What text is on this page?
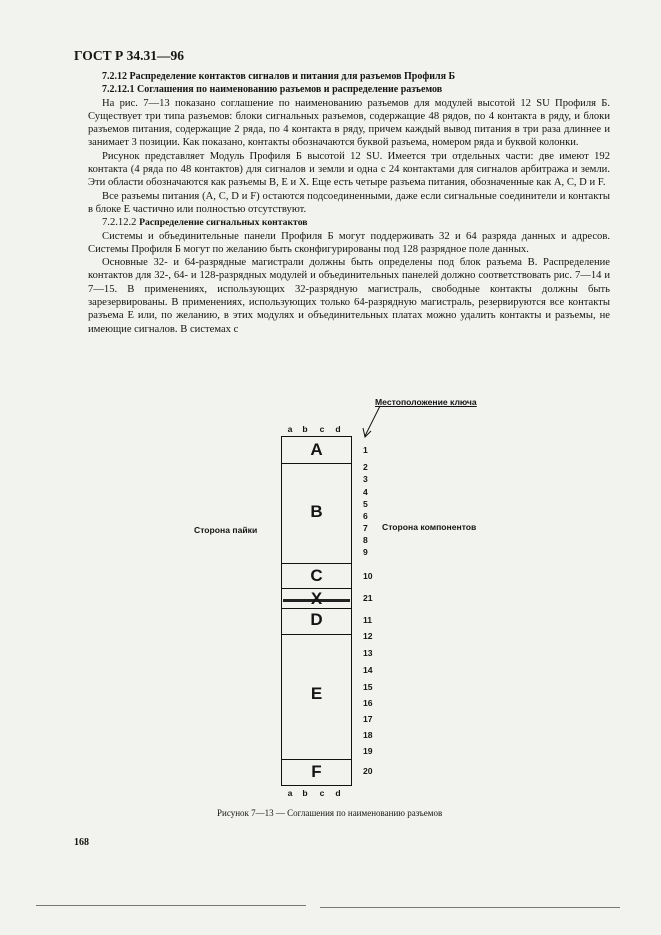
ГОСТ Р 34.31—96

7.2.12 Распределение контактов сигналов и питания для разъемов Профиля Б

7.2.12.1 Соглашения по наименованию разъемов и распределение разъемов

На рис. 7—13 показано соглашение по наименованию разъемов для модулей высотой 12 SU Профиля Б. Существует три типа разъемов: блоки сигнальных разъемов, содержащие 48 рядов, по 4 контакта в ряду, и блоки разъемов питания, содержащие 2 ряда, по 4 контакта в ряду, причем каждый вывод питания в три раза длиннее и занимает 3 позиции. Как показано, контакты обозначаются буквой разъема, номером ряда и буквой колонки.

Рисунок представляет Модуль Профиля Б высотой 12 SU. Имеется три отдельных части: две имеют 192 контакта (4 ряда по 48 контактов) для сигналов и земли и одна с 24 контактами для сигналов арбитража и земли. Эти области обозначаются как разъемы В, Е и X. Еще есть четыре разъема питания, обозначенные как А, С, D и F.

Все разъемы питания (А, С, D и F) остаются подсоединенными, даже если сигнальные соединители и контакты в блоке Е частично или полностью отсутствуют.

7.2.12.2 Распределение сигнальных контактов

Системы и объединительные панели Профиля Б могут поддерживать 32 и 64 разряда данных и адресов. Системы Профиля Б могут по желанию быть сконфигурированы под 128 разрядное поле данных.

Основные 32- и 64-разрядные магистрали должны быть определены под блок разъема В. Распределение контактов для 32-, 64- и 128-разрядных модулей и объединительных панелей должно соответствовать рис. 7—14 и 7—15. В применениях, использующих 32-разрядную магистраль, свободные контакты должны быть зарезервированы. В применениях, использующих только 64-разрядную магистраль, резервируются все контакты разъема Е или, по желанию, в этих модулях и объединительных платах можно удалить контакты и разъемы, не имеющие сигналов. В системах с

Местоположение ключа
Сторона пайки	Сторона компонентов
a	b	c	d
A
B
C
X
D
E
F
1
2
3
4
5
6
7
8
9
10
21
11
12
13
14
15
16
17
18
19
20
a	b	c	d
Рисунок 7—13 — Соглашения по наименованию разъемов
168
